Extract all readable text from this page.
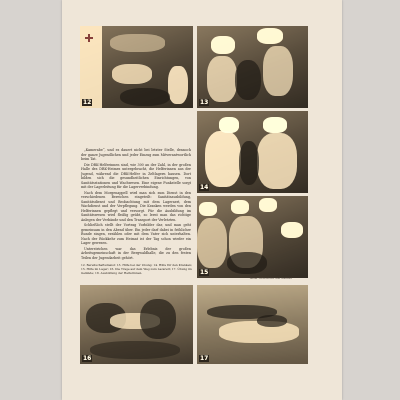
12	13
14
15

„Kamerabe“, und es dauert nicht bei letzter Stelle, dennoch der ganze Jugendlichen und jeder Einzug zum Mitverantwortlich beim Tat.

Die DRK-Helferinnen sind, wie 300 an der Zahl, in der großen Halle des DRK-Heimes untergebracht, die Helferinnen aus der Jugend, während die DRK-Helfer in Zeltlagern hausen. Dort bilden sich die gesundheitlichen Einrichtungen, von Sanitätsstationen und Wachwesen. Eine eigene Funkstelle sorgt mit der Lagerleitung für die Lagerverbindung.

Nach dem Morgenappell wird man sich zum Dienst in den verschiedenen Bereichen eingeteilt: Sanitätsausbildung, Sanitätsdienst und Beobachtung mit dem Lagerarzt, dem Wachdienst und der Verpflegung. Die Kranken werden von den Helferinnen gepflegt und versorgt. Für die Ausbildung im Sanitätswesen wird fleißig geübt, so lernt man das richtige Anlegen der Verbände und den Transport der Verletzten.

Schließlich stellt der Vortrag Vorbilder dar, und man geht gemeinsam in den Abend über. Ein jeder darf dabei in fröhlicher Runde singen, erzählen oder mit dem Vater sich unterhalten. Nach der Rückkehr zum Heimat ist der Tag schon wieder ein Lager gewesen.

Unterstrichen war das Erlebnis der großen Arbeitsgemeinschaft in der Bergwaldhalle, die zu den festen Teilen der Jugendarbeit gehört.

12. Bereitschaftsdienst: 13. Hilfe bei der Übung; 14. Hilfe für den Kranken; 15. Hilfe im Lager; 16. Die Trage auf dem Weg zum Lazarett; 17. Übung im Gelände; 18. Ausbildung der Helferinnen.
Bilder: DRK-Archiv und Weltbild
16	17
